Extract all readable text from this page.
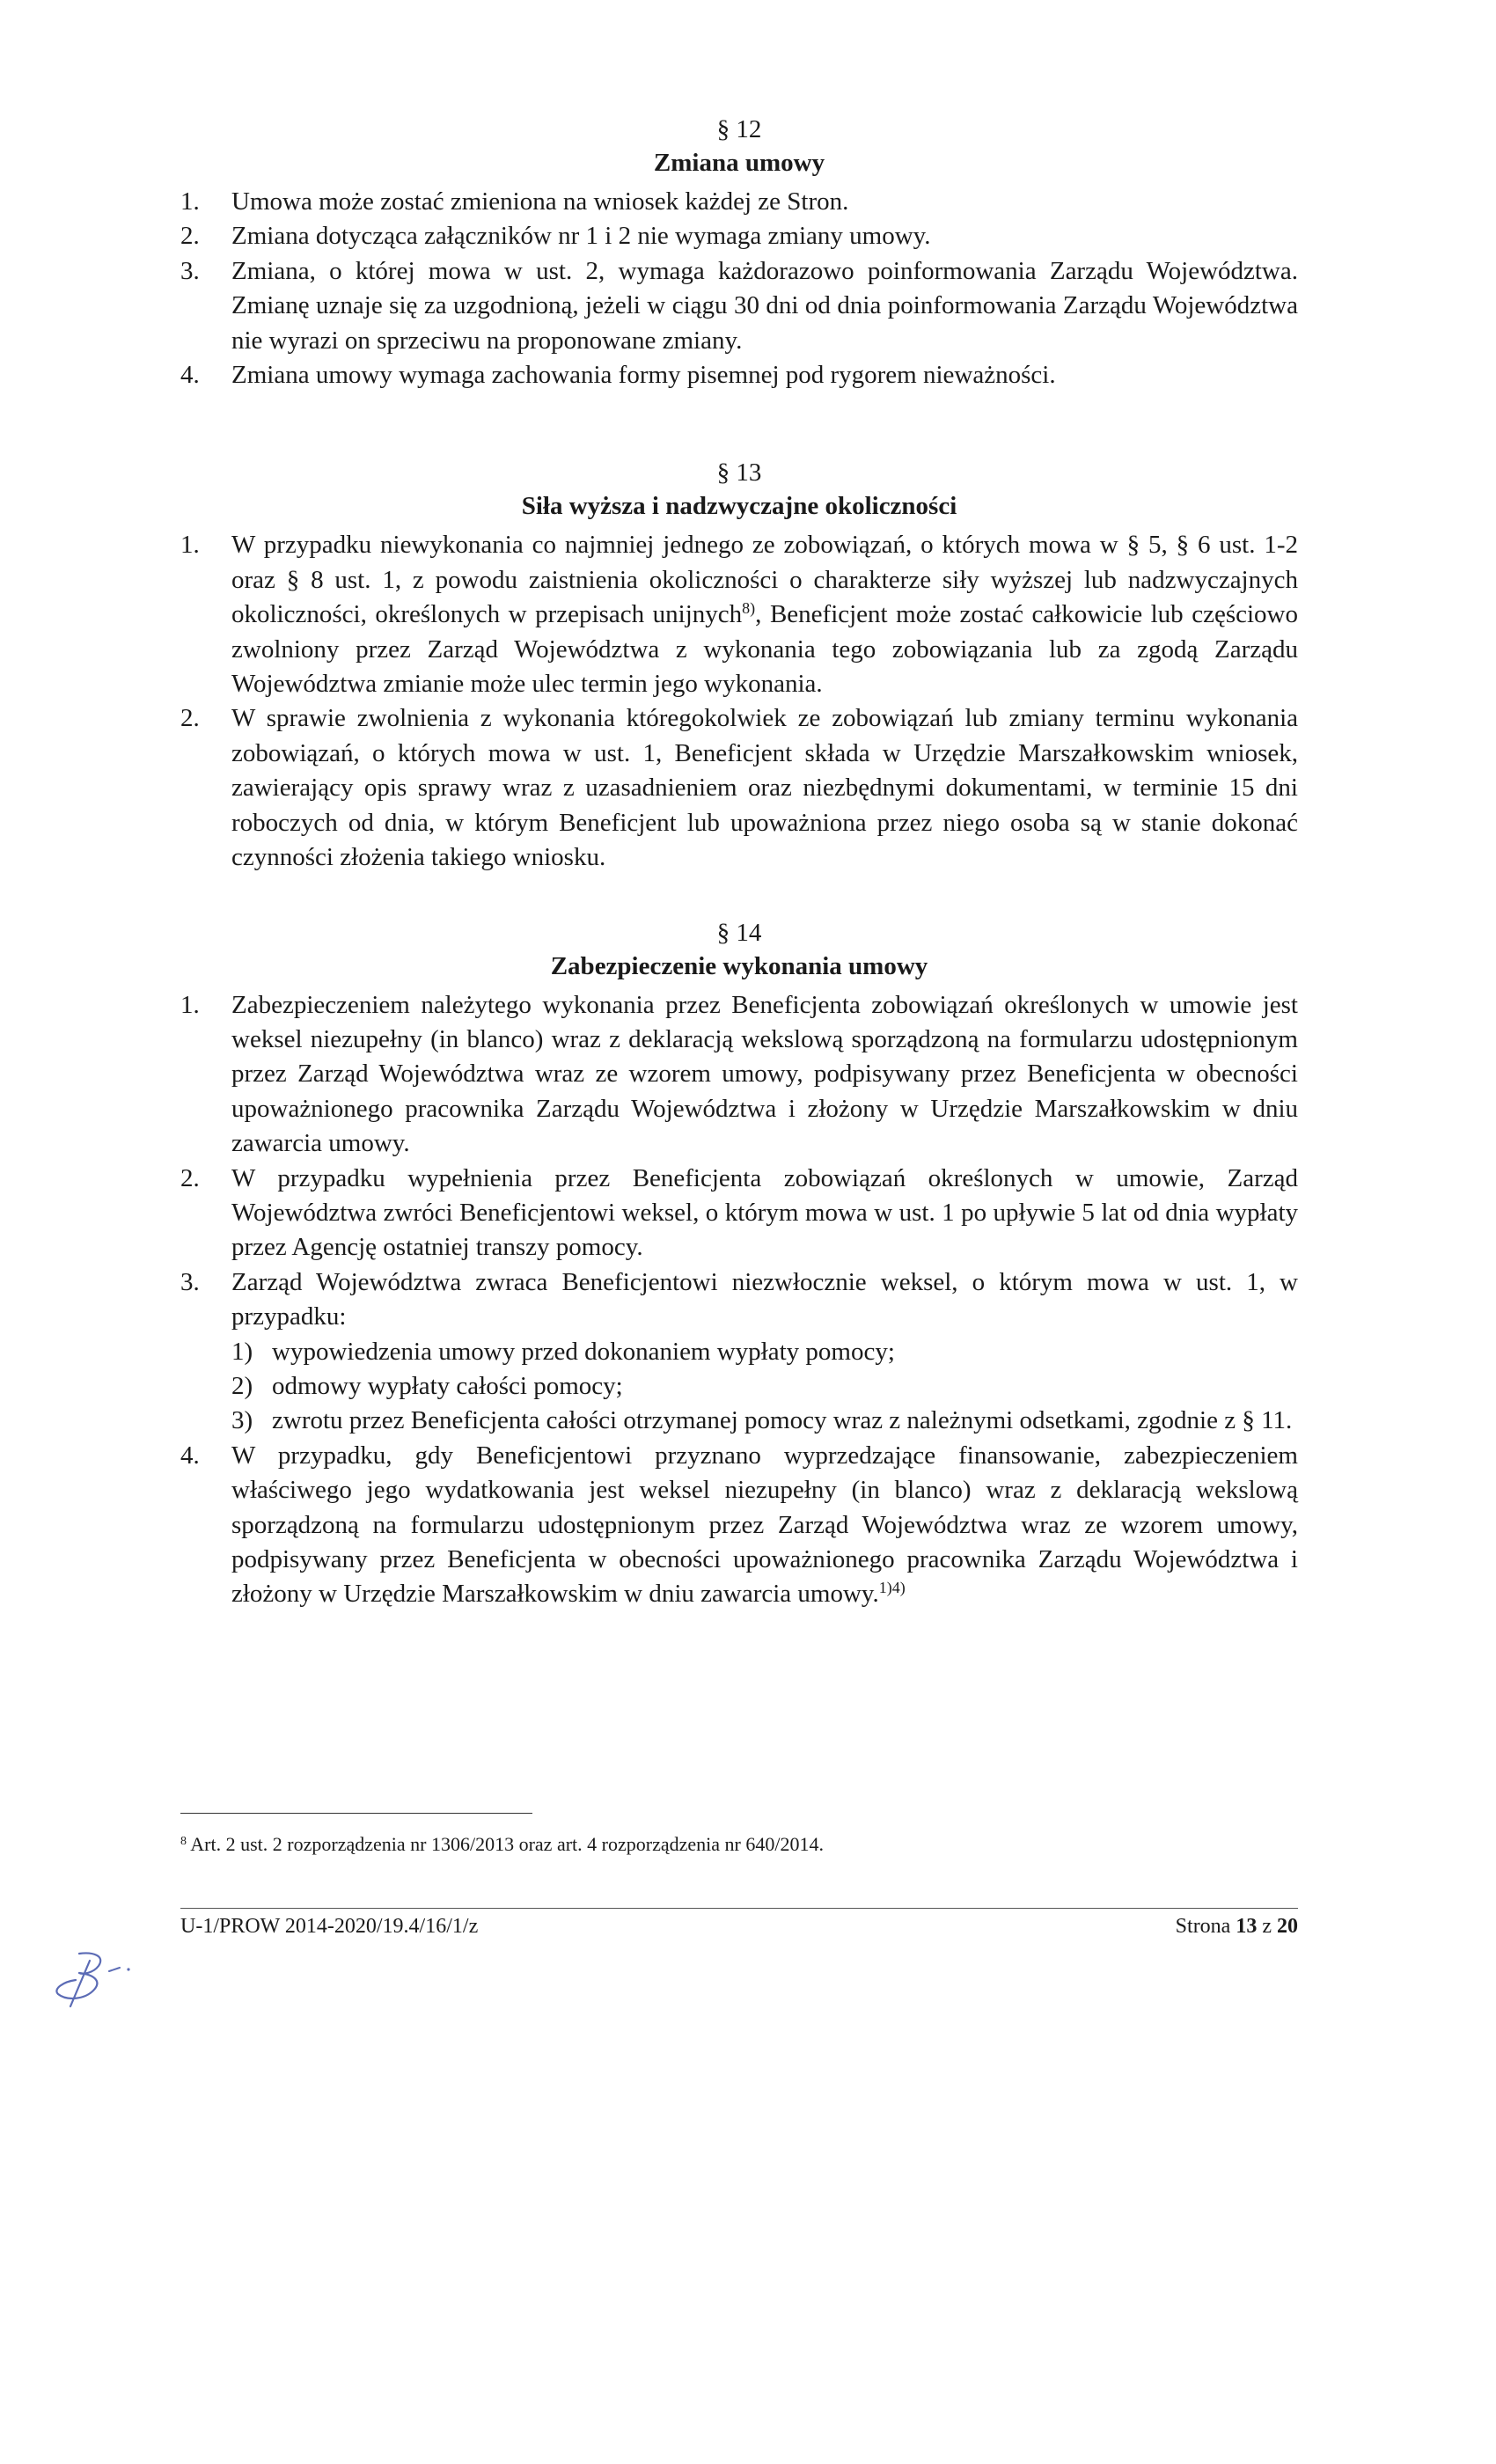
§ 12
Zmiana umowy
1. Umowa może zostać zmieniona na wniosek każdej ze Stron.
2. Zmiana dotycząca załączników nr 1 i 2 nie wymaga zmiany umowy.
3. Zmiana, o której mowa w ust. 2, wymaga każdorazowo poinformowania Zarządu Województwa. Zmianę uznaje się za uzgodnioną, jeżeli w ciągu 30 dni od dnia poinformowania Zarządu Województwa nie wyrazi on sprzeciwu na proponowane zmiany.
4. Zmiana umowy wymaga zachowania formy pisemnej pod rygorem nieważności.
§ 13
Siła wyższa i nadzwyczajne okoliczności
1. W przypadku niewykonania co najmniej jednego ze zobowiązań, o których mowa w § 5, § 6 ust. 1-2 oraz § 8 ust. 1, z powodu zaistnienia okoliczności o charakterze siły wyższej lub nadzwyczajnych okoliczności, określonych w przepisach unijnych$^{8)}$, Beneficjent może zostać całkowicie lub częściowo zwolniony przez Zarząd Województwa z wykonania tego zobowiązania lub za zgodą Zarządu Województwa zmianie może ulec termin jego wykonania.
2. W sprawie zwolnienia z wykonania któregokolwiek ze zobowiązań lub zmiany terminu wykonania zobowiązań, o których mowa w ust. 1, Beneficjent składa w Urzędzie Marszałkowskim wniosek, zawierający opis sprawy wraz z uzasadnieniem oraz niezbędnymi dokumentami, w terminie 15 dni roboczych od dnia, w którym Beneficjent lub upoważniona przez niego osoba są w stanie dokonać czynności złożenia takiego wniosku.
§ 14
Zabezpieczenie wykonania umowy
1. Zabezpieczeniem należytego wykonania przez Beneficjenta zobowiązań określonych w umowie jest weksel niezupełny (in blanco) wraz z deklaracją wekslową sporządzoną na formularzu udostępnionym przez Zarząd Województwa wraz ze wzorem umowy, podpisywany przez Beneficjenta w obecności upoważnionego pracownika Zarządu Województwa i złożony w Urzędzie Marszałkowskim w dniu zawarcia umowy.
2. W przypadku wypełnienia przez Beneficjenta zobowiązań określonych w umowie, Zarząd Województwa zwróci Beneficjentowi weksel, o którym mowa w ust. 1 po upływie 5 lat od dnia wypłaty przez Agencję ostatniej transzy pomocy.
3. Zarząd Województwa zwraca Beneficjentowi niezwłocznie weksel, o którym mowa w ust. 1, w przypadku:
1) wypowiedzenia umowy przed dokonaniem wypłaty pomocy;
2) odmowy wypłaty całości pomocy;
3) zwrotu przez Beneficjenta całości otrzymanej pomocy wraz z należnymi odsetkami, zgodnie z § 11.
4. W przypadku, gdy Beneficjentowi przyznano wyprzedzające finansowanie, zabezpieczeniem właściwego jego wydatkowania jest weksel niezupełny (in blanco) wraz z deklaracją wekslową sporządzoną na formularzu udostępnionym przez Zarząd Województwa wraz ze wzorem umowy, podpisywany przez Beneficjenta w obecności upoważnionego pracownika Zarządu Województwa i złożony w Urzędzie Marszałkowskim w dniu zawarcia umowy.$^{1)4)}$
$^8$ Art. 2 ust. 2 rozporządzenia nr 1306/2013 oraz art. 4 rozporządzenia nr 640/2014.
U-1/PROW 2014-2020/19.4/16/1/z	Strona 13 z 20
